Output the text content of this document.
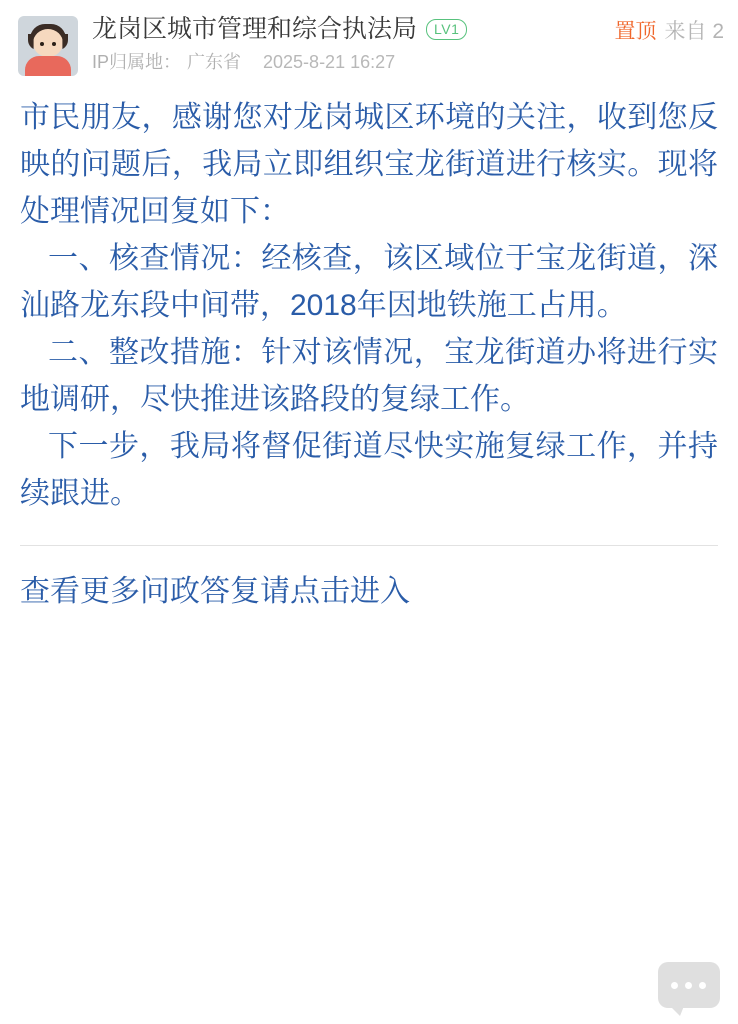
龙岗区城市管理和综合执法局	LV1
IP归属地： 广东省 2025-8-21 16:27
置顶 来自 2

市民朋友，感谢您对龙岗城区环境的关注，收到您反映的问题后，我局立即组织宝龙街道进行核实。现将处理情况回复如下：

一、核查情况：经核查，该区域位于宝龙街道，深汕路龙东段中间带，2018年因地铁施工占用。

二、整改措施：针对该情况，宝龙街道办将进行实地调研，尽快推进该路段的复绿工作。

下一步，我局将督促街道尽快实施复绿工作，并持续跟进。

查看更多问政答复请点击进入
